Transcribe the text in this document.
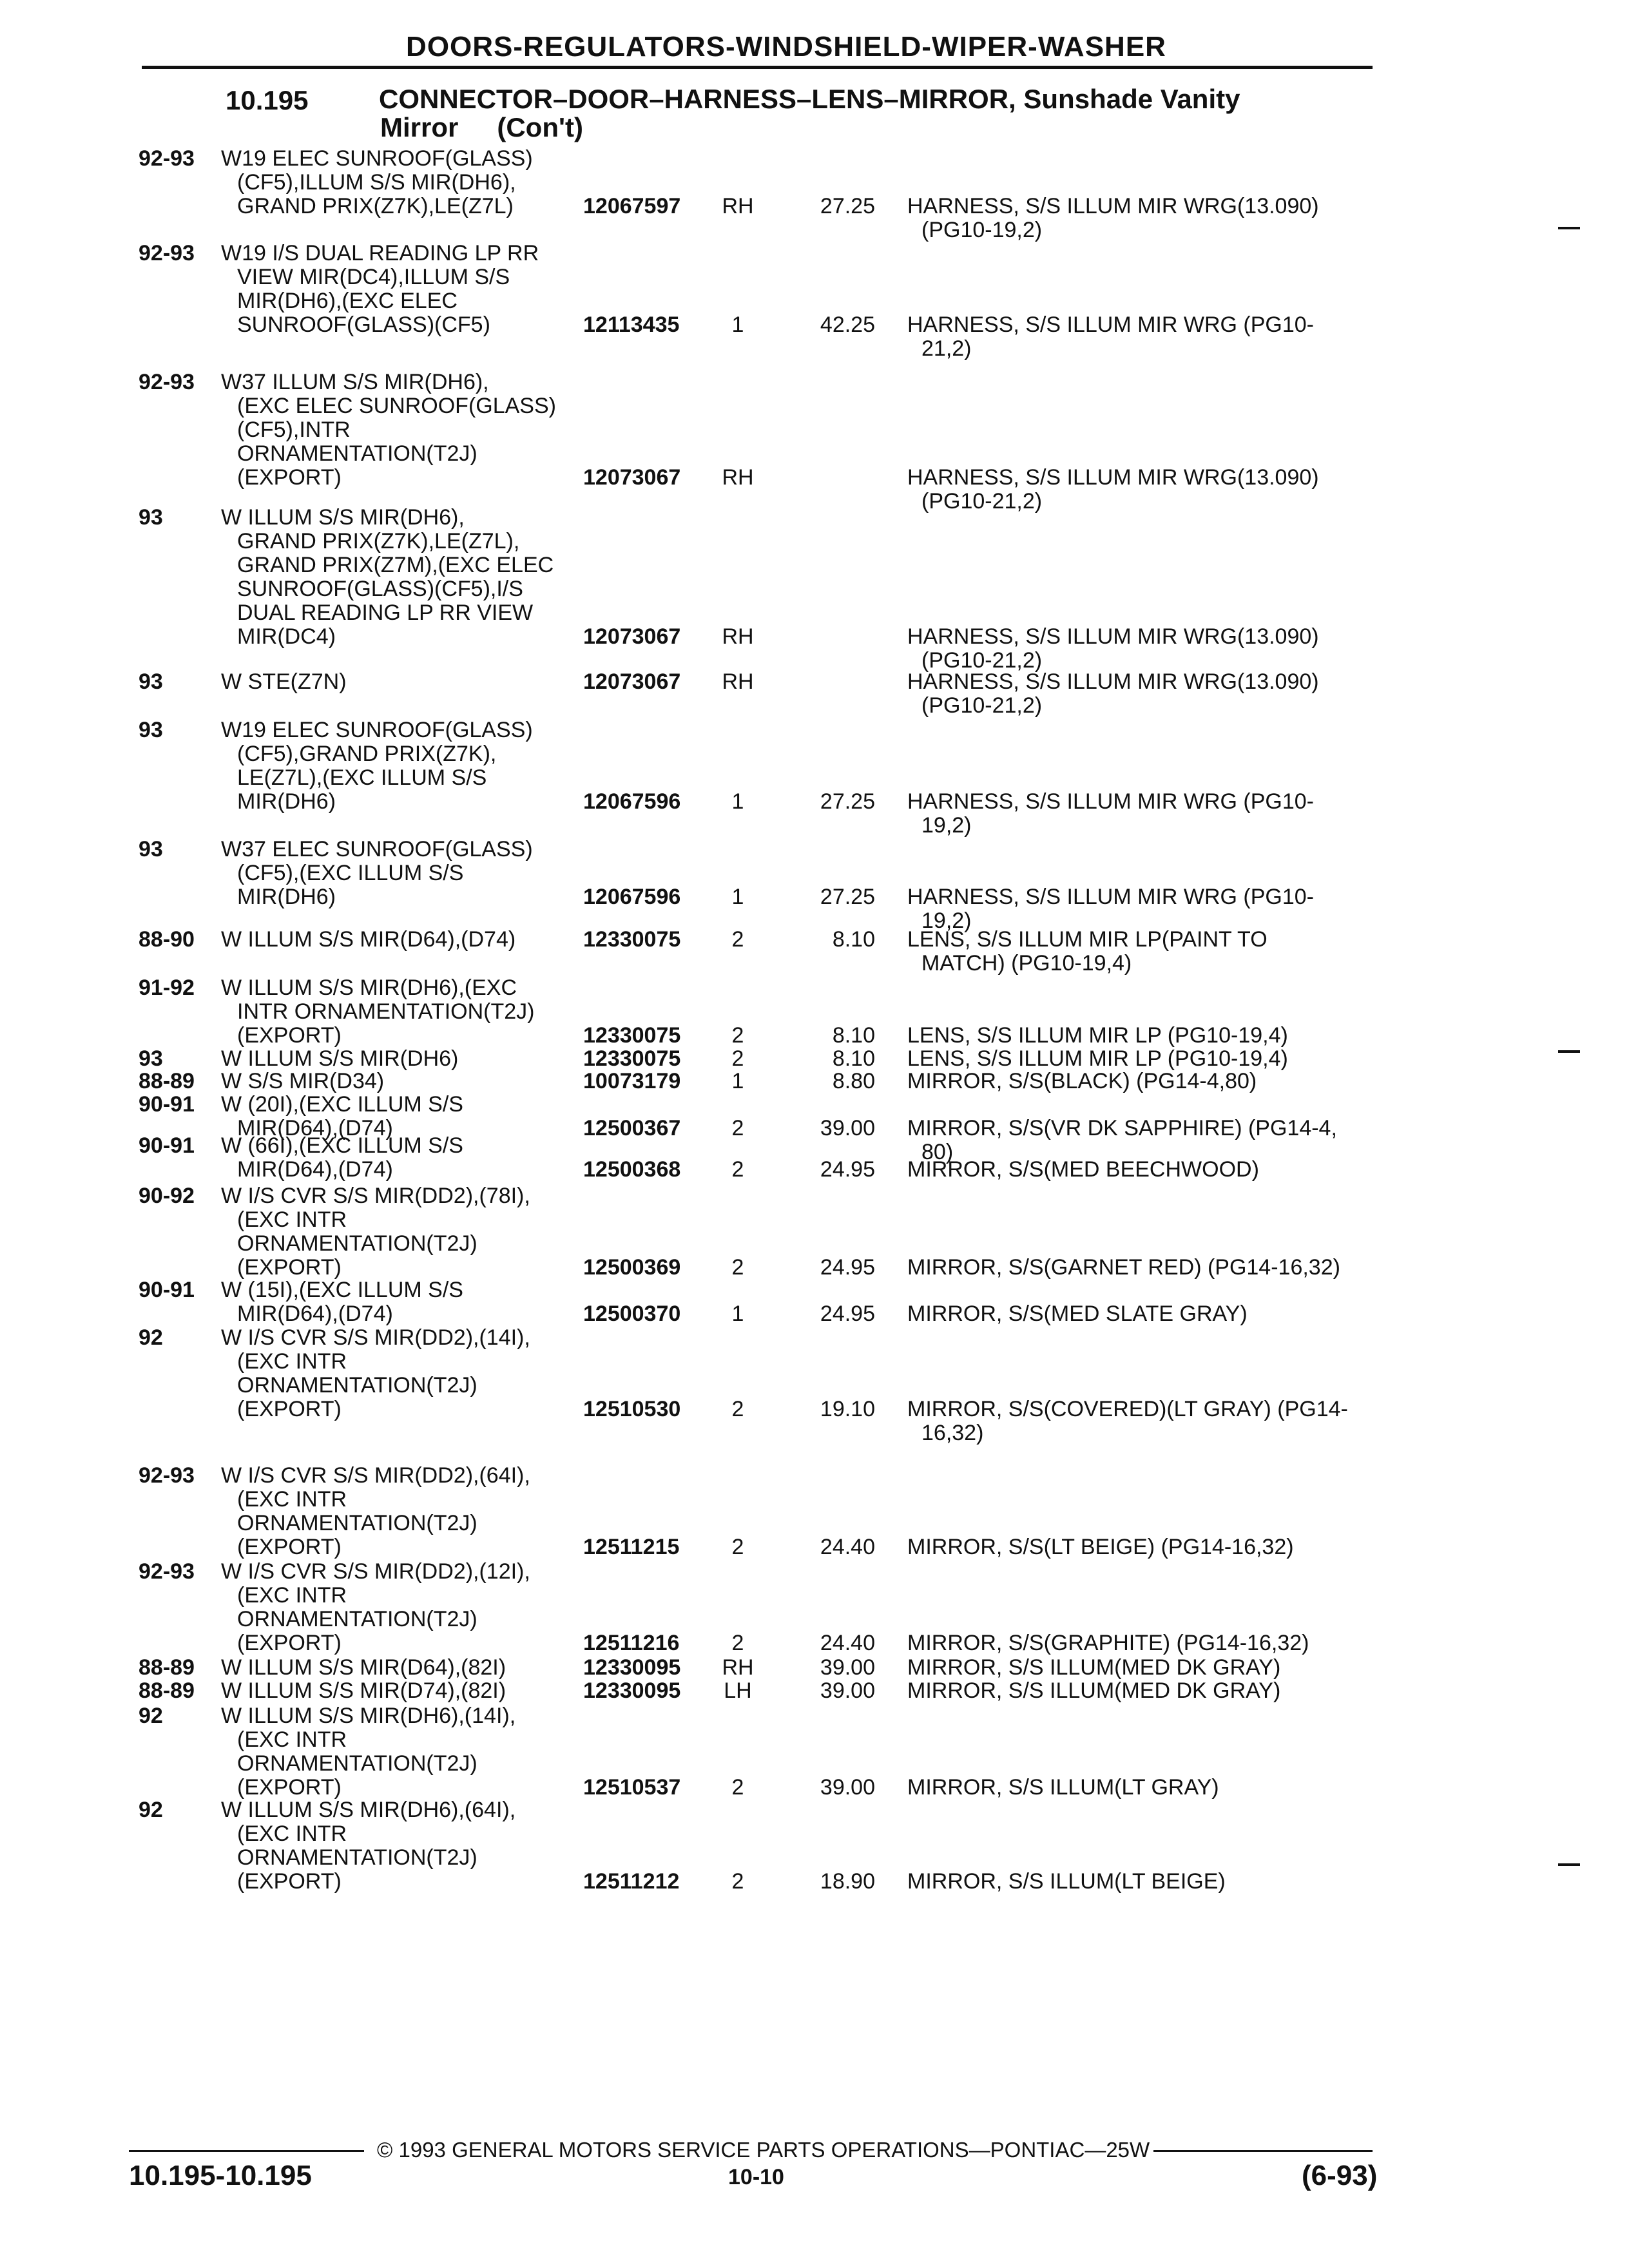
DOORS-REGULATORS-WINDSHIELD-WIPER-WASHER
10.195	CONNECTOR–DOOR–HARNESS–LENS–MIRROR, Sunshade Vanity
Mirror (Con't)
92-93 W19 ELEC SUNROOF(GLASS)
(CF5),ILLUM S/S MIR(DH6),
GRAND PRIX(Z7K),LE(Z7L)	12067597	RH	27.25 HARNESS, S/S ILLUM MIR WRG(13.090)
(PG10-19,2)
92-93 W19 I/S DUAL READING LP RR
VIEW MIR(DC4),ILLUM S/S
MIR(DH6),(EXC ELEC
SUNROOF(GLASS)(CF5)	12113435	1	42.25 HARNESS, S/S ILLUM MIR WRG (PG10-
21,2)
92-93 W37 ILLUM S/S MIR(DH6),
(EXC ELEC SUNROOF(GLASS)
(CF5),INTR
ORNAMENTATION(T2J)
(EXPORT)	12073067	RH	HARNESS, S/S ILLUM MIR WRG(13.090)
(PG10-21,2)
93	W ILLUM S/S MIR(DH6),
GRAND PRIX(Z7K),LE(Z7L),
GRAND PRIX(Z7M),(EXC ELEC
SUNROOF(GLASS)(CF5),I/S
DUAL READING LP RR VIEW
MIR(DC4)	12073067	RH	HARNESS, S/S ILLUM MIR WRG(13.090)
(PG10-21,2)
93	W STE(Z7N)	12073067	RH	HARNESS, S/S ILLUM MIR WRG(13.090)
(PG10-21,2)
93	W19 ELEC SUNROOF(GLASS)
(CF5),GRAND PRIX(Z7K),
LE(Z7L),(EXC ILLUM S/S
MIR(DH6)	12067596	1	27.25 HARNESS, S/S ILLUM MIR WRG (PG10-
19,2)
93	W37 ELEC SUNROOF(GLASS)
(CF5),(EXC ILLUM S/S
MIR(DH6)	12067596	1	27.25 HARNESS, S/S ILLUM MIR WRG (PG10-
19,2)
88-90 W ILLUM S/S MIR(D64),(D74)	12330075	2	8.10 LENS, S/S ILLUM MIR LP(PAINT TO
MATCH) (PG10-19,4)
91-92 W ILLUM S/S MIR(DH6),(EXC
INTR ORNAMENTATION(T2J)
(EXPORT)	12330075	2	8.10 LENS, S/S ILLUM MIR LP (PG10-19,4)
93	W ILLUM S/S MIR(DH6)	12330075	2	8.10 LENS, S/S ILLUM MIR LP (PG10-19,4)
88-89 W S/S MIR(D34)	10073179	1	8.80 MIRROR, S/S(BLACK) (PG14-4,80)
90-91 W (20I),(EXC ILLUM S/S
MIR(D64),(D74)	12500367	2	39.00 MIRROR, S/S(VR DK SAPPHIRE) (PG14-4,
80)
90-91 W (66I),(EXC ILLUM S/S
MIR(D64),(D74)	12500368	2	24.95 MIRROR, S/S(MED BEECHWOOD)
90-92 W I/S CVR S/S MIR(DD2),(78I),
(EXC INTR
ORNAMENTATION(T2J)
(EXPORT)	12500369	2	24.95 MIRROR, S/S(GARNET RED) (PG14-16,32)
90-91 W (15I),(EXC ILLUM S/S
MIR(D64),(D74)	12500370	1	24.95 MIRROR, S/S(MED SLATE GRAY)
92	W I/S CVR S/S MIR(DD2),(14I),
(EXC INTR
ORNAMENTATION(T2J)
(EXPORT)	12510530	2	19.10 MIRROR, S/S(COVERED)(LT GRAY) (PG14-
16,32)
92-93 W I/S CVR S/S MIR(DD2),(64I),
(EXC INTR
ORNAMENTATION(T2J)
(EXPORT)	12511215	2	24.40 MIRROR, S/S(LT BEIGE) (PG14-16,32)
92-93 W I/S CVR S/S MIR(DD2),(12I),
(EXC INTR
ORNAMENTATION(T2J)
(EXPORT)	12511216	2	24.40 MIRROR, S/S(GRAPHITE) (PG14-16,32)
88-89 W ILLUM S/S MIR(D64),(82I)	12330095	RH	39.00 MIRROR, S/S ILLUM(MED DK GRAY)
88-89 W ILLUM S/S MIR(D74),(82I)	12330095	LH	39.00 MIRROR, S/S ILLUM(MED DK GRAY)
92	W ILLUM S/S MIR(DH6),(14I),
(EXC INTR
ORNAMENTATION(T2J)
(EXPORT)	12510537	2	39.00 MIRROR, S/S ILLUM(LT GRAY)
92	W ILLUM S/S MIR(DH6),(64I),
(EXC INTR
ORNAMENTATION(T2J)
(EXPORT)	12511212	2	18.90 MIRROR, S/S ILLUM(LT BEIGE)
© 1993 GENERAL MOTORS SERVICE PARTS OPERATIONS—PONTIAC—25W
10.195-10.195	10-10	(6-93)
